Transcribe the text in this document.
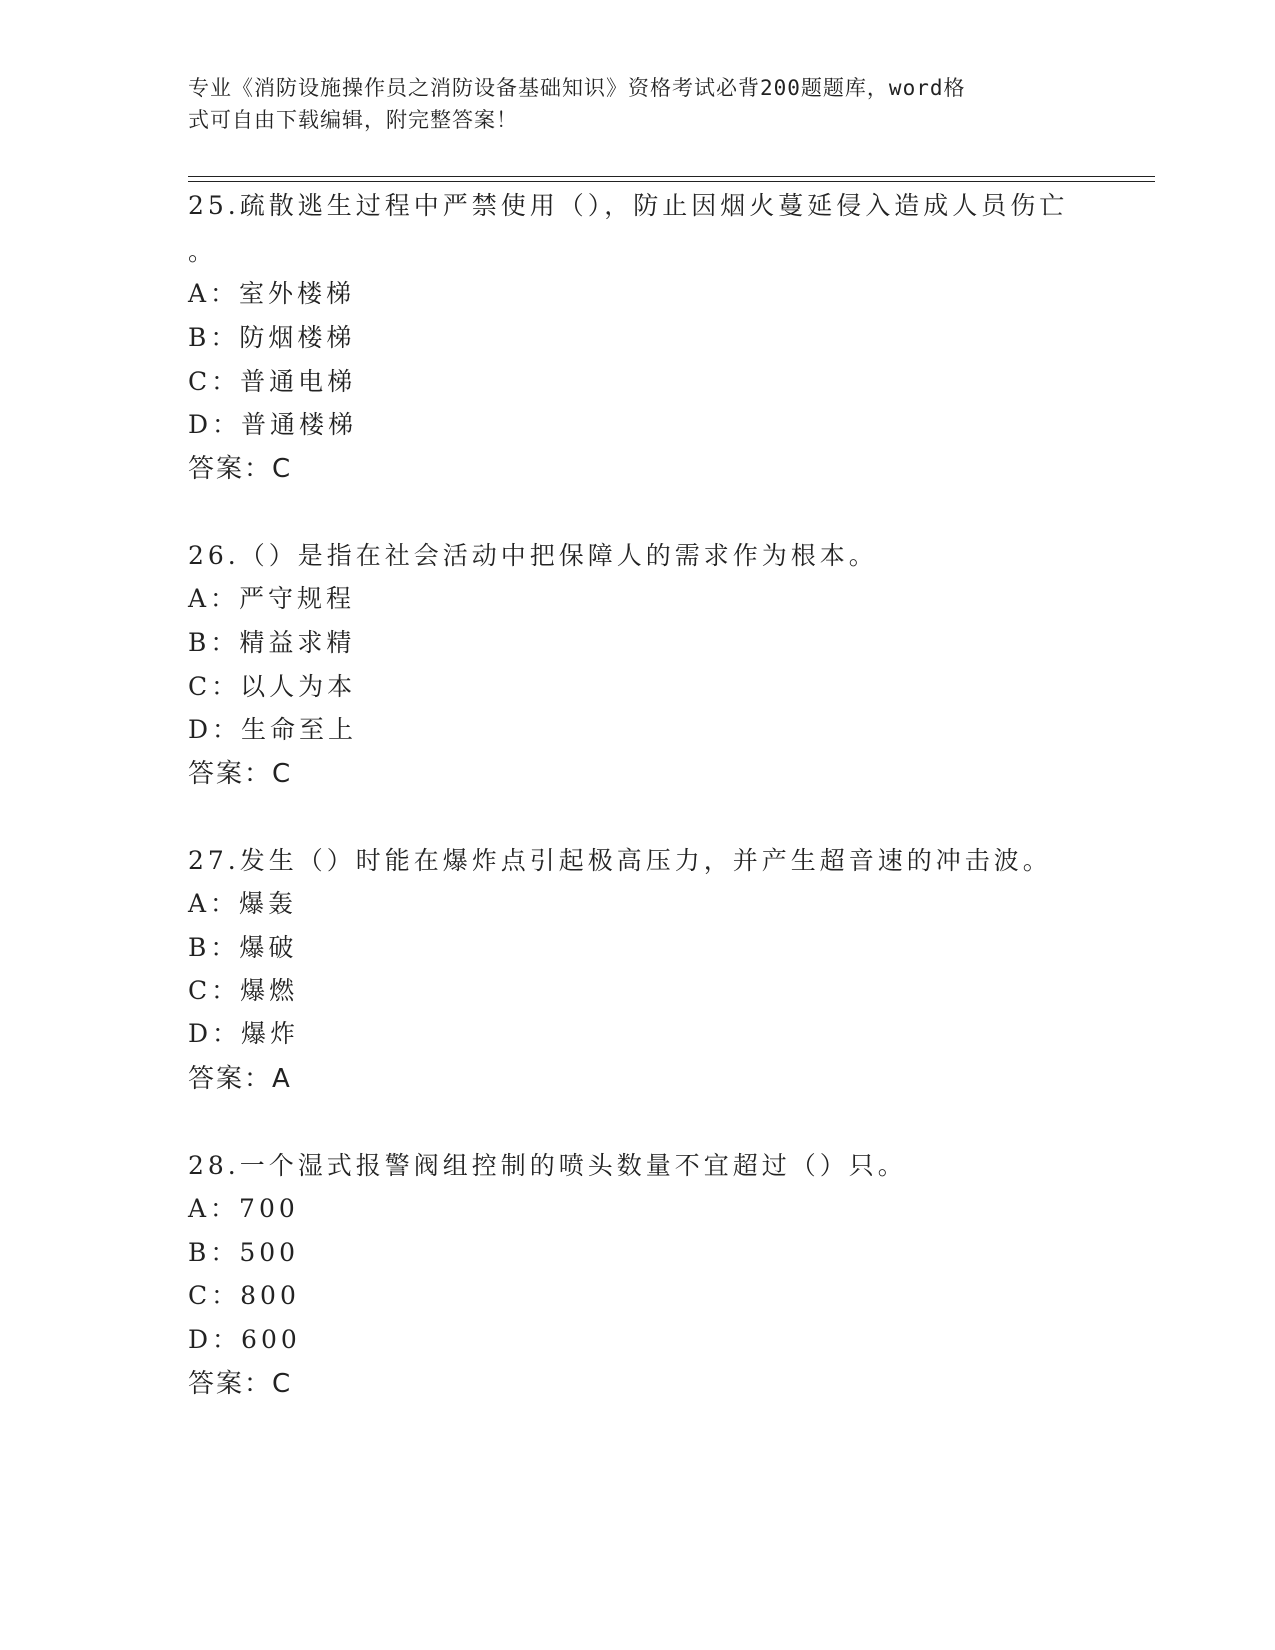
专业《消防设施操作员之消防设备基础知识》资格考试必背200题题库，word格
式可自由下载编辑，附完整答案！
25.疏散逃生过程中严禁使用（），防止因烟火蔓延侵入造成人员伤亡
。
A：室外楼梯
B：防烟楼梯
C：普通电梯
D：普通楼梯
答案：C
26.（）是指在社会活动中把保障人的需求作为根本。
A：严守规程
B：精益求精
C：以人为本
D：生命至上
答案：C
27.发生（）时能在爆炸点引起极高压力，并产生超音速的冲击波。
A：爆轰
B：爆破
C：爆燃
D：爆炸
答案：A
28.一个湿式报警阀组控制的喷头数量不宜超过（）只。
A：700
B：500
C：800
D：600
答案：C
